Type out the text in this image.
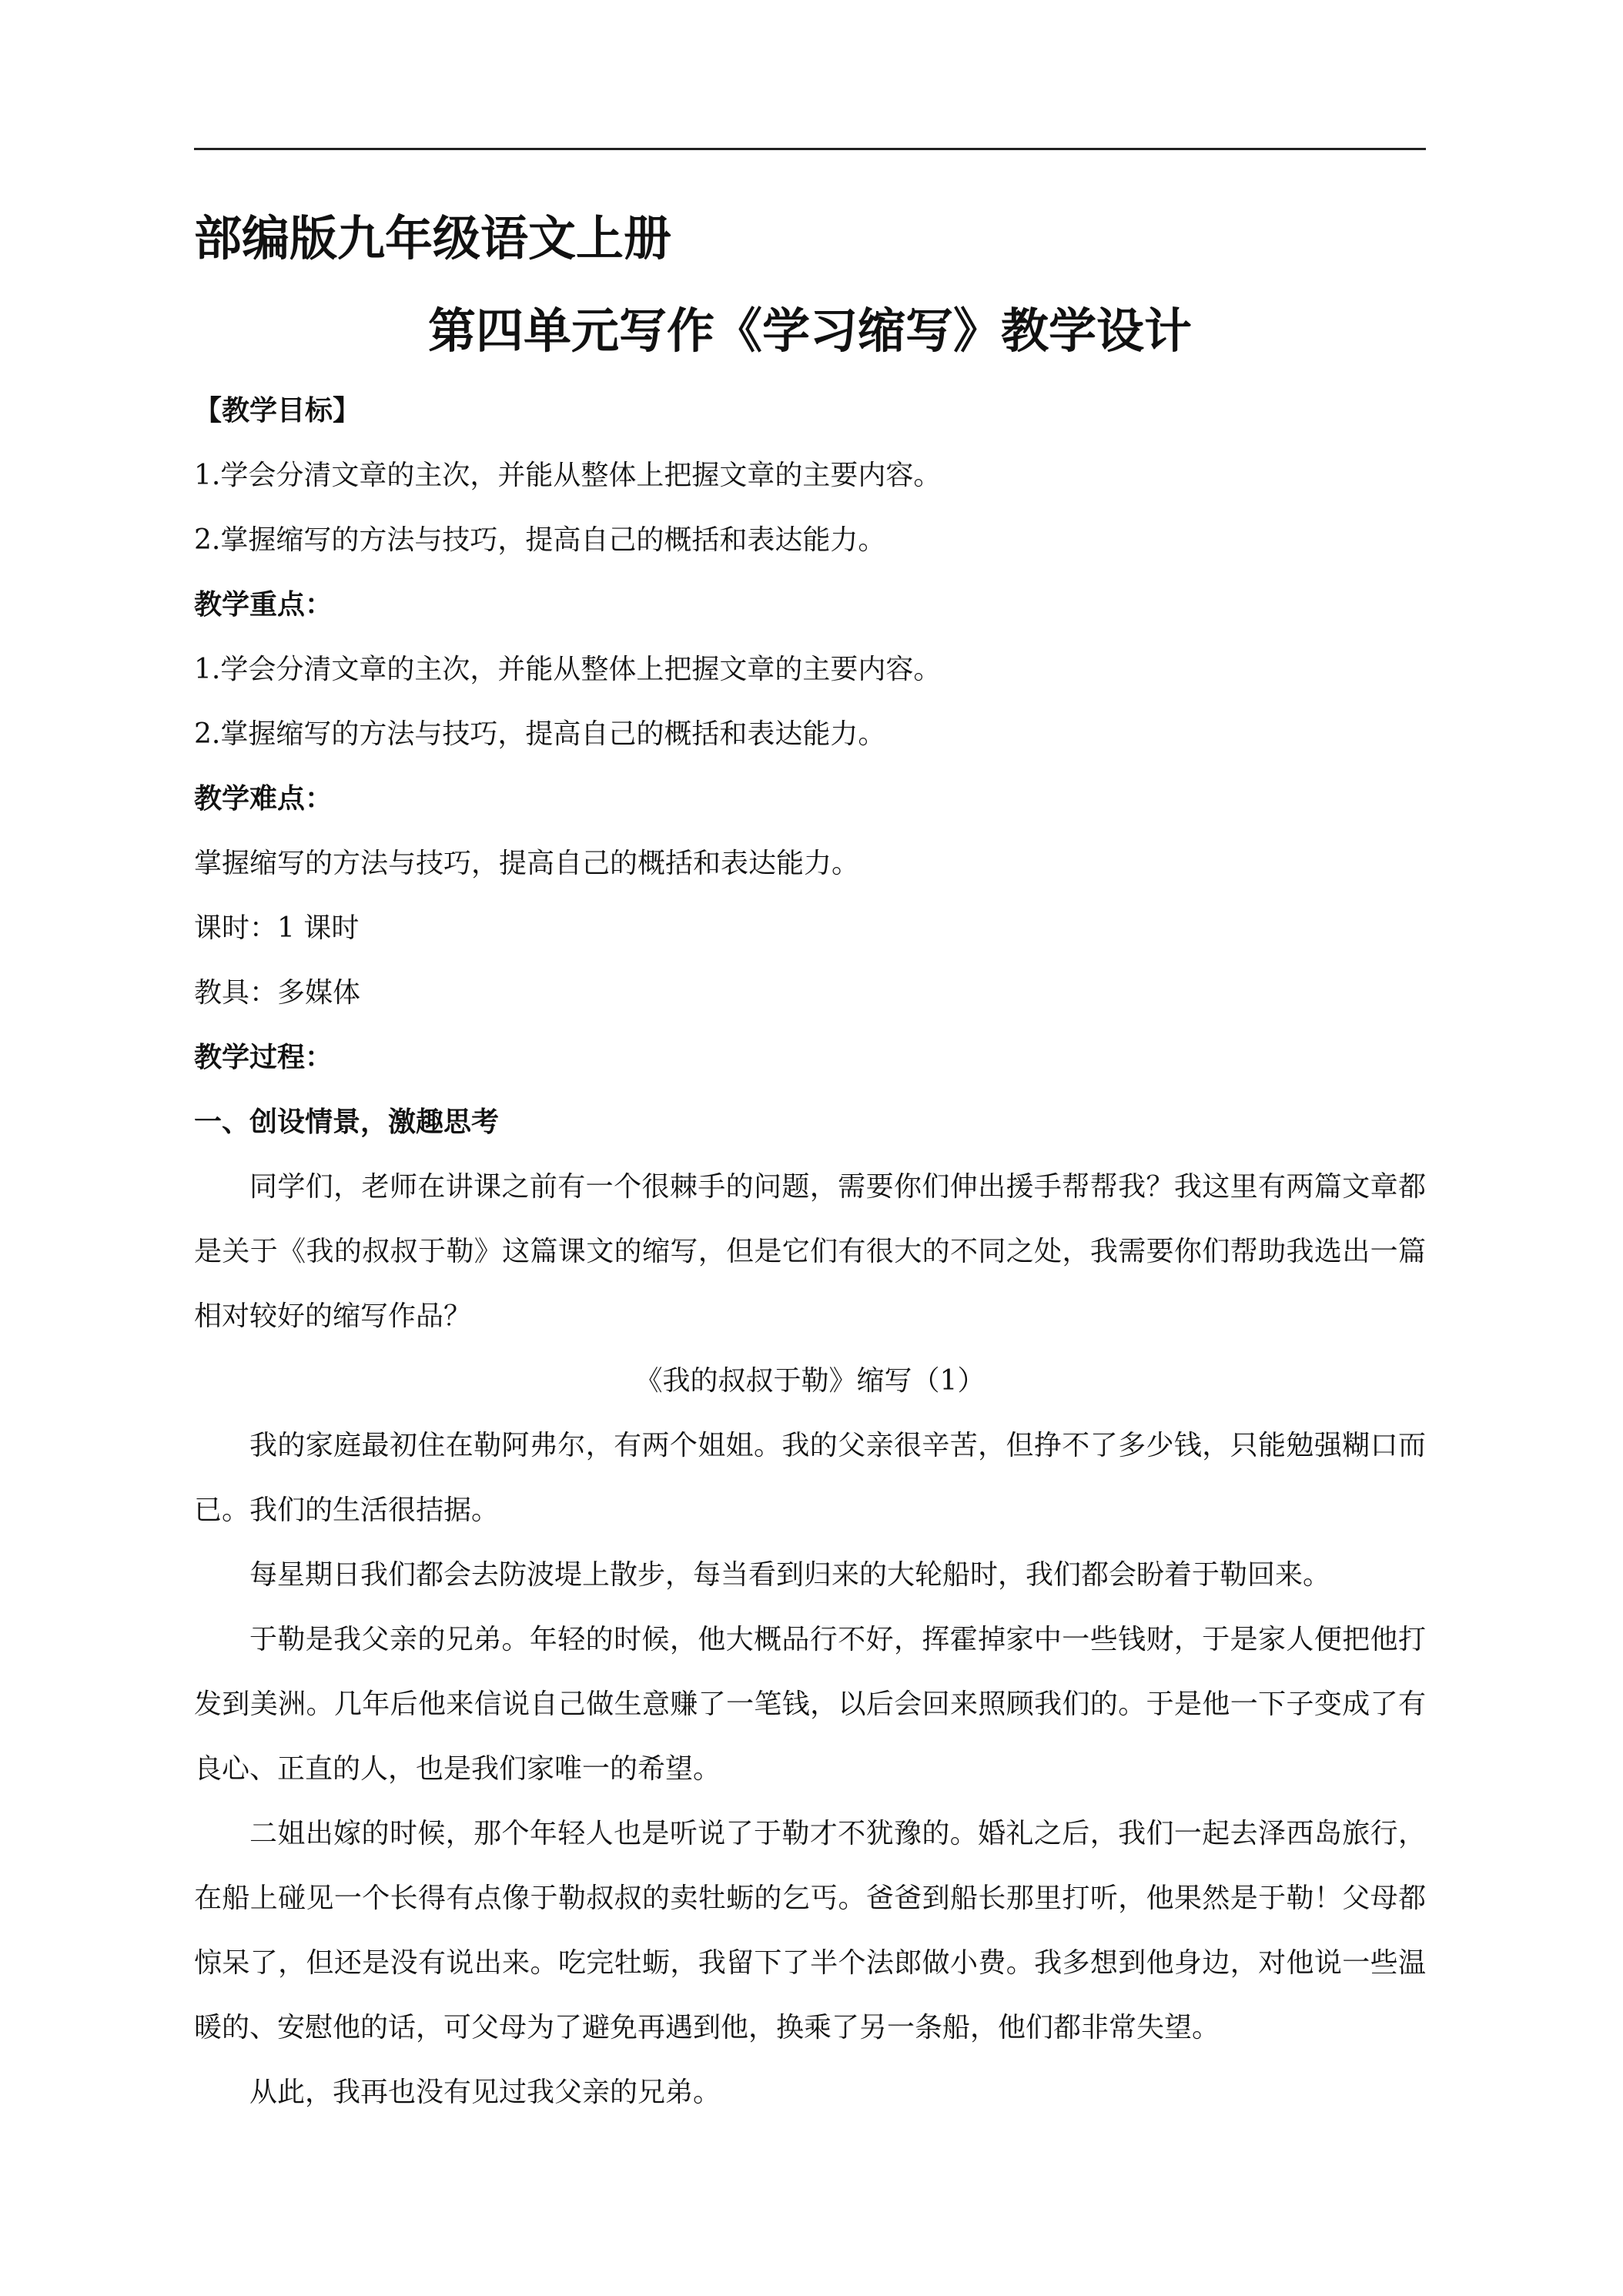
部编版九年级语文上册
第四单元写作《学习缩写》教学设计

【教学目标】

1.学会分清文章的主次，并能从整体上把握文章的主要内容。

2.掌握缩写的方法与技巧，提高自己的概括和表达能力。

教学重点：

1.学会分清文章的主次，并能从整体上把握文章的主要内容。

2.掌握缩写的方法与技巧，提高自己的概括和表达能力。

教学难点：

掌握缩写的方法与技巧，提高自己的概括和表达能力。

课时：1 课时

教具：多媒体

教学过程：

一、创设情景，激趣思考

同学们，老师在讲课之前有一个很棘手的问题，需要你们伸出援手帮帮我？我这里有两篇文章都是关于《我的叔叔于勒》这篇课文的缩写，但是它们有很大的不同之处，我需要你们帮助我选出一篇相对较好的缩写作品？

《我的叔叔于勒》缩写（1）

我的家庭最初住在勒阿弗尔，有两个姐姐。我的父亲很辛苦，但挣不了多少钱，只能勉强糊口而已。我们的生活很拮据。

每星期日我们都会去防波堤上散步，每当看到归来的大轮船时，我们都会盼着于勒回来。

于勒是我父亲的兄弟。年轻的时候，他大概品行不好，挥霍掉家中一些钱财，于是家人便把他打发到美洲。几年后他来信说自己做生意赚了一笔钱，以后会回来照顾我们的。于是他一下子变成了有良心、正直的人，也是我们家唯一的希望。

二姐出嫁的时候，那个年轻人也是听说了于勒才不犹豫的。婚礼之后，我们一起去泽西岛旅行，在船上碰见一个长得有点像于勒叔叔的卖牡蛎的乞丐。爸爸到船长那里打听，他果然是于勒！父母都惊呆了，但还是没有说出来。吃完牡蛎，我留下了半个法郎做小费。我多想到他身边，对他说一些温暖的、安慰他的话，可父母为了避免再遇到他，换乘了另一条船，他们都非常失望。

从此，我再也没有见过我父亲的兄弟。
